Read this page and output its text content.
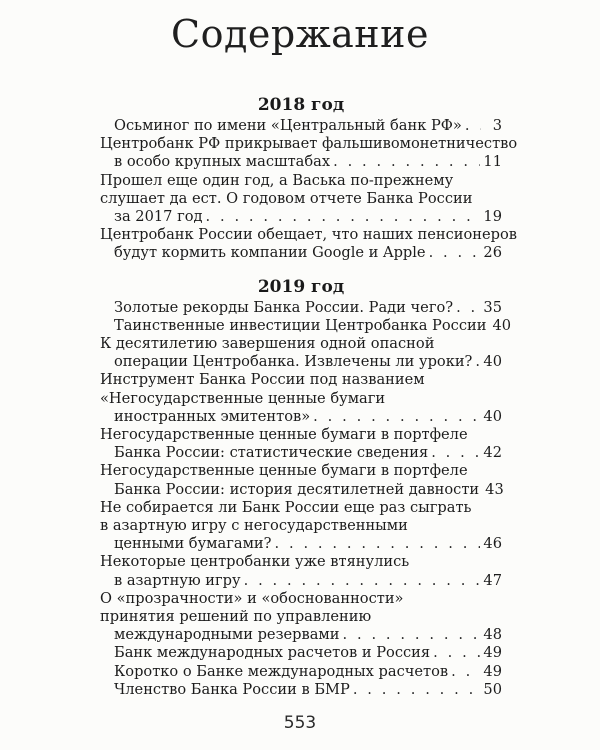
Содержание
2018 год
Осьминог по имени «Центральный банк РФ» . . .	3
Центробанк РФ прикрывает фальшивомонетничество
в особо крупных масштабах . . .	11
Прошел еще один год, а Васька по-прежнему
слушает да ест. О годовом отчете Банка России
за 2017 год . . .	19
Центробанк России обещает, что наших пенсионеров
будут кормить компании Google и Apple . . .	26
2019 год
Золотые рекорды Банка России. Ради чего? . . . 35
Таинственные инвестиции Центробанка России 40
К десятилетию завершения одной опасной
операции Центробанка. Извлечены ли уроки? . . . 40
Инструмент Банка России под названием
«Негосударственные ценные бумаги
иностранных эмитентов» . . .	40
Негосударственные ценные бумаги в портфеле
Банка России: статистические сведения . . .	42
Негосударственные ценные бумаги в портфеле
Банка России: история десятилетней давности 43
Не собирается ли Банк России еще раз сыграть
в азартную игру с негосударственными
ценными бумагами? . . .	46
Некоторые центробанки уже втянулись
в азартную игру . . .	47
О «прозрачности» и «обоснованности»
принятия решений по управлению
международными резервами . . .	48
Банк международных расчетов и Россия . . .	49
Коротко о Банке международных расчетов . . . 49
Членство Банка России в БМР . . .	50
553
